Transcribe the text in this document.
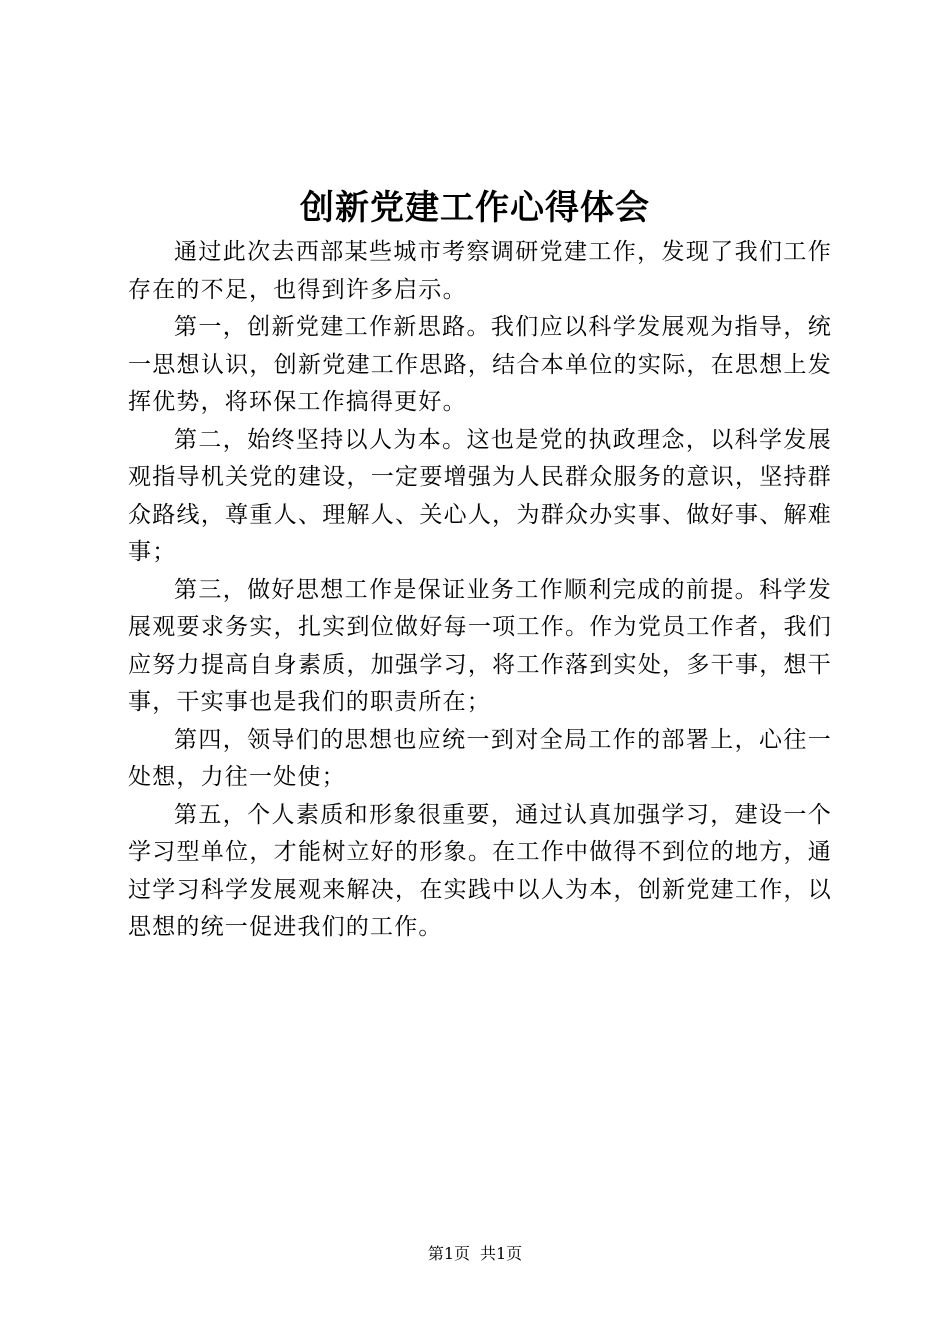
创新党建工作心得体会

通过此次去西部某些城市考察调研党建工作，发现了我们工作存在的不足，也得到许多启示。

第一，创新党建工作新思路。我们应以科学发展观为指导，统一思想认识，创新党建工作思路，结合本单位的实际，在思想上发挥优势，将环保工作搞得更好。

第二，始终坚持以人为本。这也是党的执政理念，以科学发展观指导机关党的建设，一定要增强为人民群众服务的意识，坚持群众路线，尊重人、理解人、关心人，为群众办实事、做好事、解难事；

第三，做好思想工作是保证业务工作顺利完成的前提。科学发展观要求务实，扎实到位做好每一项工作。作为党员工作者，我们应努力提高自身素质，加强学习，将工作落到实处，多干事，想干事，干实事也是我们的职责所在；

第四，领导们的思想也应统一到对全局工作的部署上，心往一处想，力往一处使；

第五，个人素质和形象很重要，通过认真加强学习，建设一个学习型单位，才能树立好的形象。在工作中做得不到位的地方，通过学习科学发展观来解决，在实践中以人为本，创新党建工作，以思想的统一促进我们的工作。

第1页 共1页
